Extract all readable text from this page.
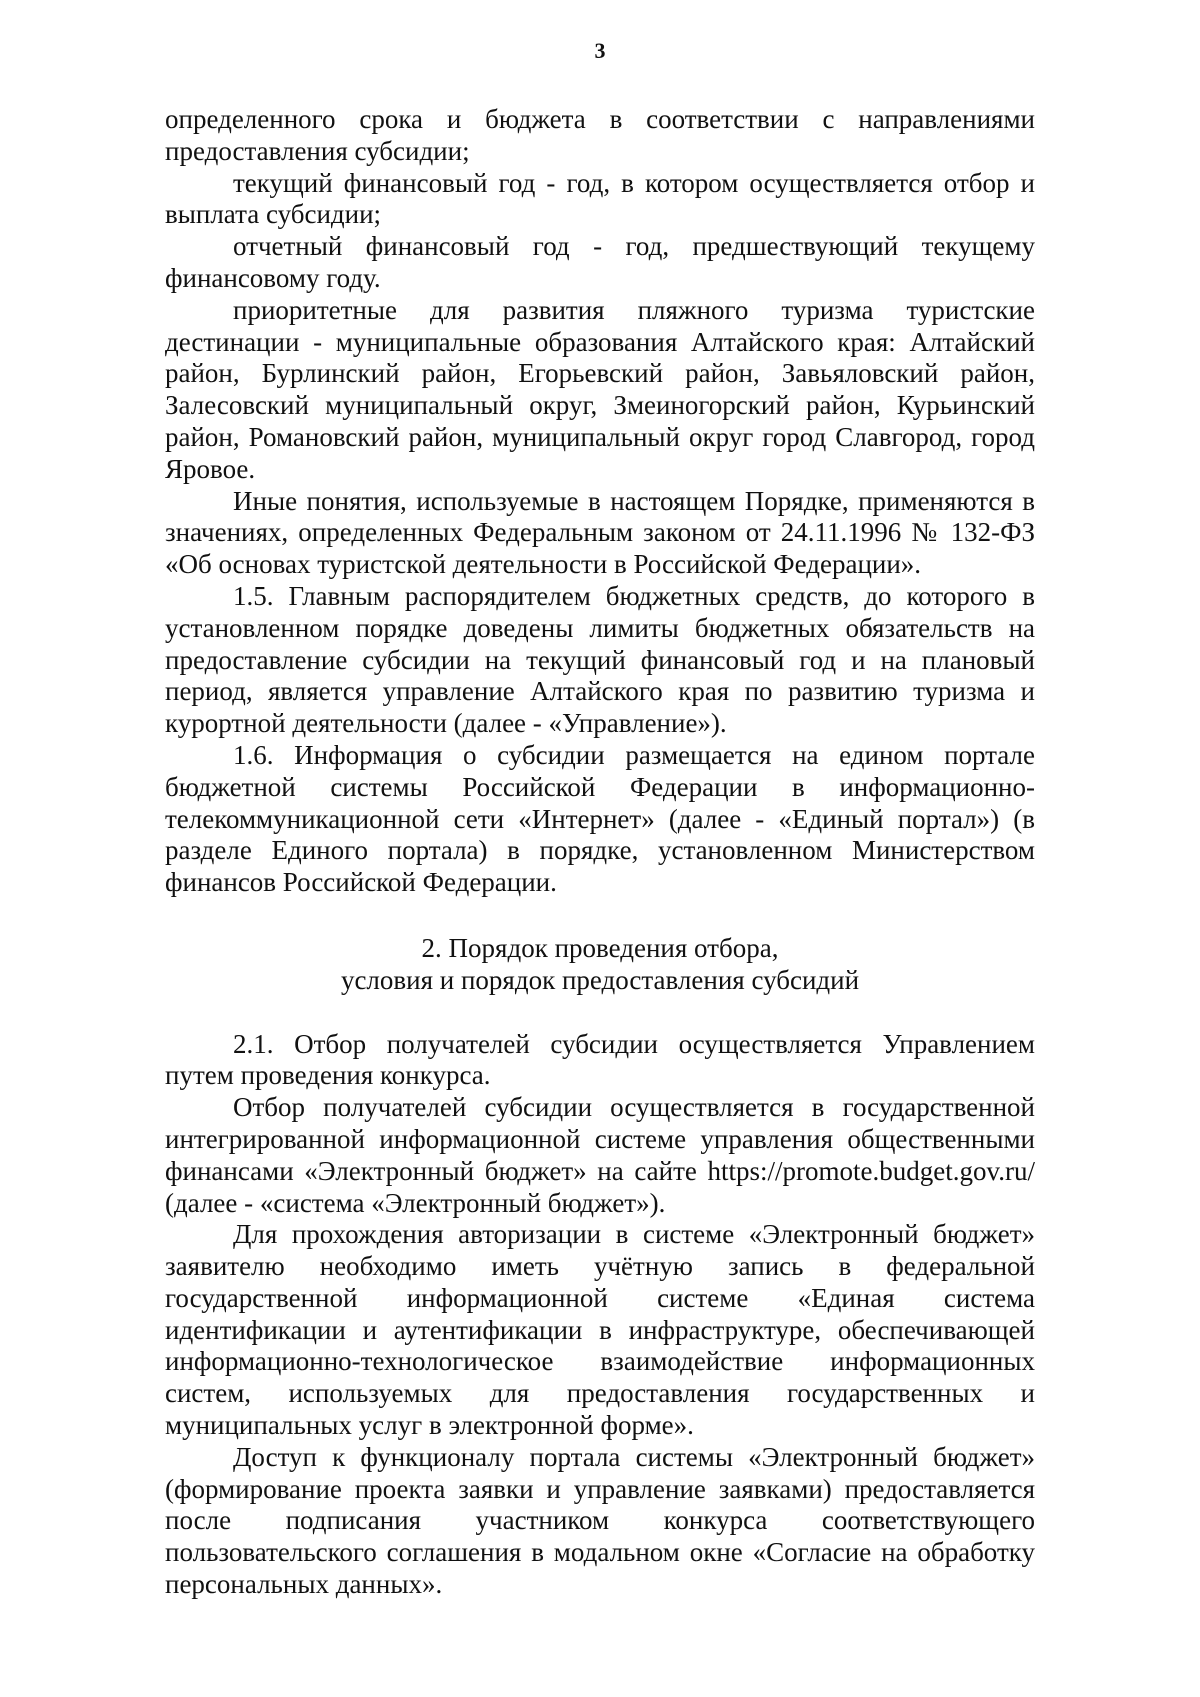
3

определенного срока и бюджета в соответствии с направлениями предоставления субсидии;

текущий финансовый год - год, в котором осуществляется отбор и выплата субсидии;

отчетный финансовый год - год, предшествующий текущему финансовому году.

приоритетные для развития пляжного туризма туристские дестинации - муниципальные образования Алтайского края: Алтайский район, Бурлинский район, Егорьевский район, Завьяловский район, Залесовский муниципальный округ, Змеиногорский район, Курьинский район, Романовский район, муниципальный округ город Славгород, город Яровое.

Иные понятия, используемые в настоящем Порядке, применяются в значениях, определенных Федеральным законом от 24.11.1996 № 132-ФЗ «Об основах туристской деятельности в Российской Федерации».

1.5. Главным распорядителем бюджетных средств, до которого в установленном порядке доведены лимиты бюджетных обязательств на предоставление субсидии на текущий финансовый год и на плановый период, является управление Алтайского края по развитию туризма и курортной деятельности (далее - «Управление»).

1.6. Информация о субсидии размещается на едином портале бюджетной системы Российской Федерации в информационно-телекоммуникационной сети «Интернет» (далее - «Единый портал») (в разделе Единого портала) в порядке, установленном Министерством финансов Российской Федерации.

2. Порядок проведения отбора,
условия и порядок предоставления субсидий

2.1. Отбор получателей субсидии осуществляется Управлением путем проведения конкурса.

Отбор получателей субсидии осуществляется в государственной интегрированной информационной системе управления общественными финансами «Электронный бюджет» на сайте https://promote.budget.gov.ru/ (далее - «система «Электронный бюджет»).

Для прохождения авторизации в системе «Электронный бюджет» заявителю необходимо иметь учётную запись в федеральной государственной информационной системе «Единая система идентификации и аутентификации в инфраструктуре, обеспечивающей информационно-технологическое взаимодействие информационных систем, используемых для предоставления государственных и муниципальных услуг в электронной форме».

Доступ к функционалу портала системы «Электронный бюджет» (формирование проекта заявки и управление заявками) предоставляется после подписания участником конкурса соответствующего пользовательского соглашения в модальном окне «Согласие на обработку персональных данных».
